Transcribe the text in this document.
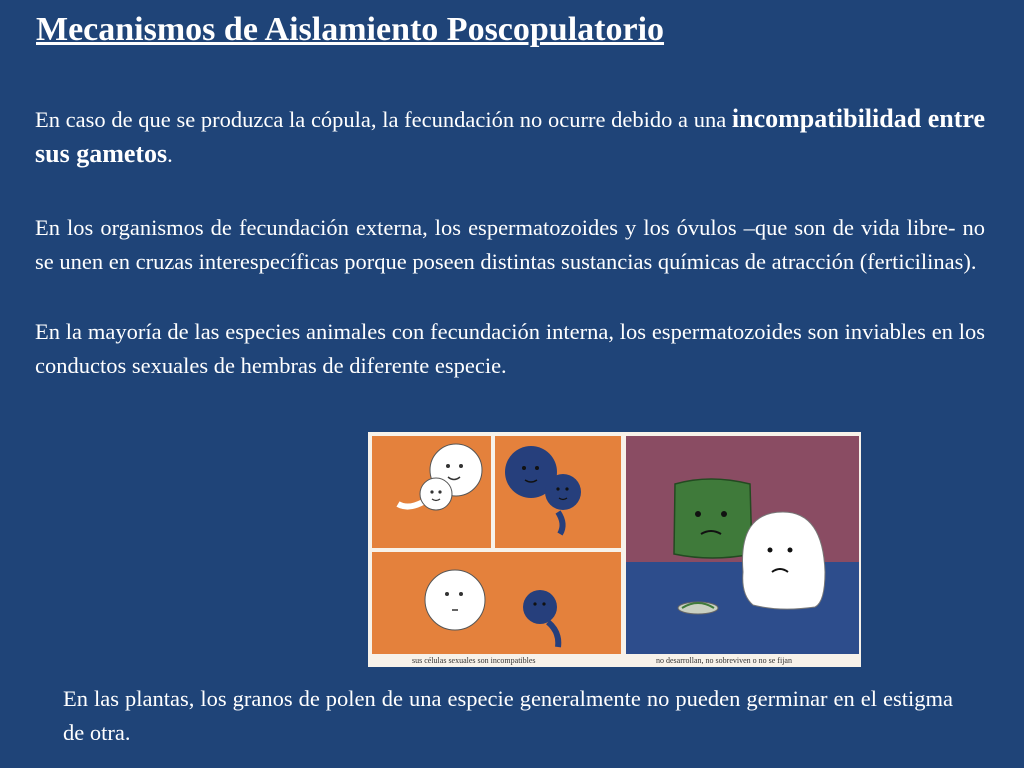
Mecanismos de Aislamiento Poscopulatorio

En caso de que se produzca la cópula, la fecundación no ocurre debido a una incompatibilidad entre sus gametos.

En los organismos de fecundación externa, los espermatozoides y los óvulos –que son de vida libre- no se unen en cruzas interespecíficas porque poseen distintas sustancias químicas de atracción (ferticilinas).

En la mayoría de las especies animales con fecundación interna, los espermatozoides son inviables en los conductos sexuales de hembras de diferente especie.

sus células sexuales son incompatibles	no desarrollan, no sobreviven o no se fijan

En las plantas, los granos de polen de una especie generalmente no pueden germinar en el estigma de otra.
